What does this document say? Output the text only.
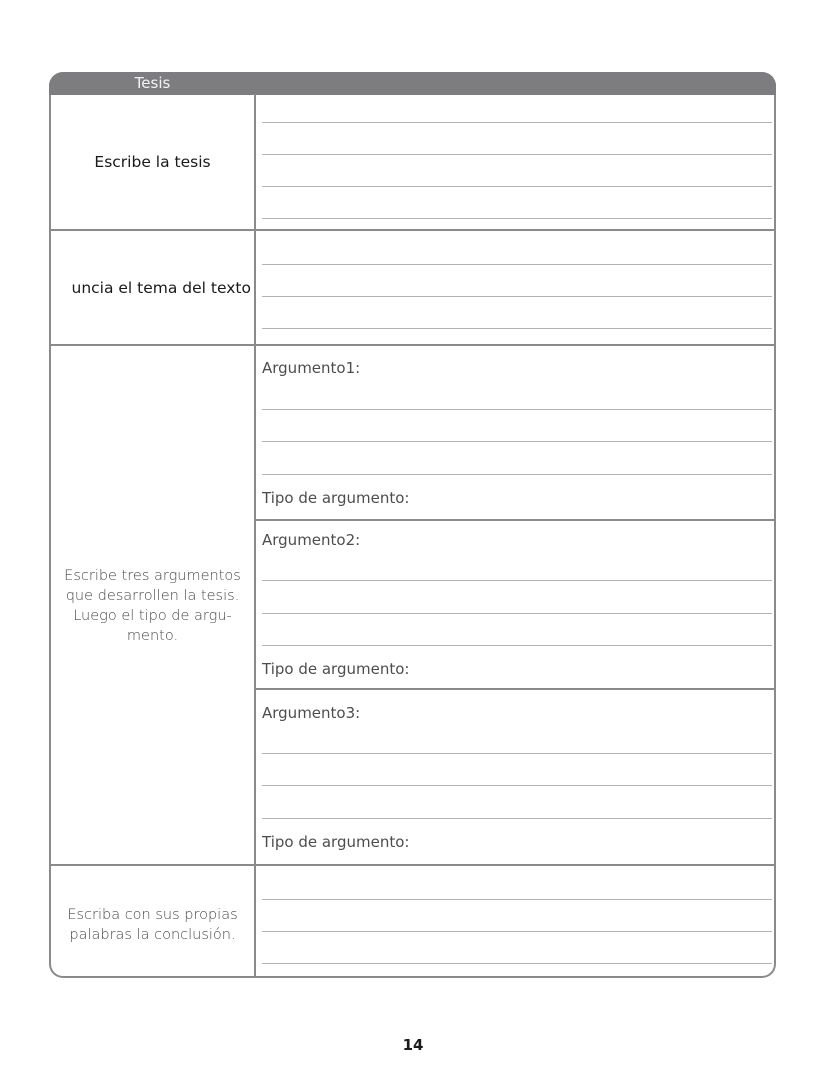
Tesis
Escribe la tesis
uncia el tema del texto
Escribe tres argumentos
que desarrollen la tesis.
Luego el tipo de argu-
mento.
Argumento1:
Tipo de argumento:
Argumento2:
Tipo de argumento:
Argumento3:
Tipo de argumento:
Escriba con sus propias
palabras la conclusión.
14
